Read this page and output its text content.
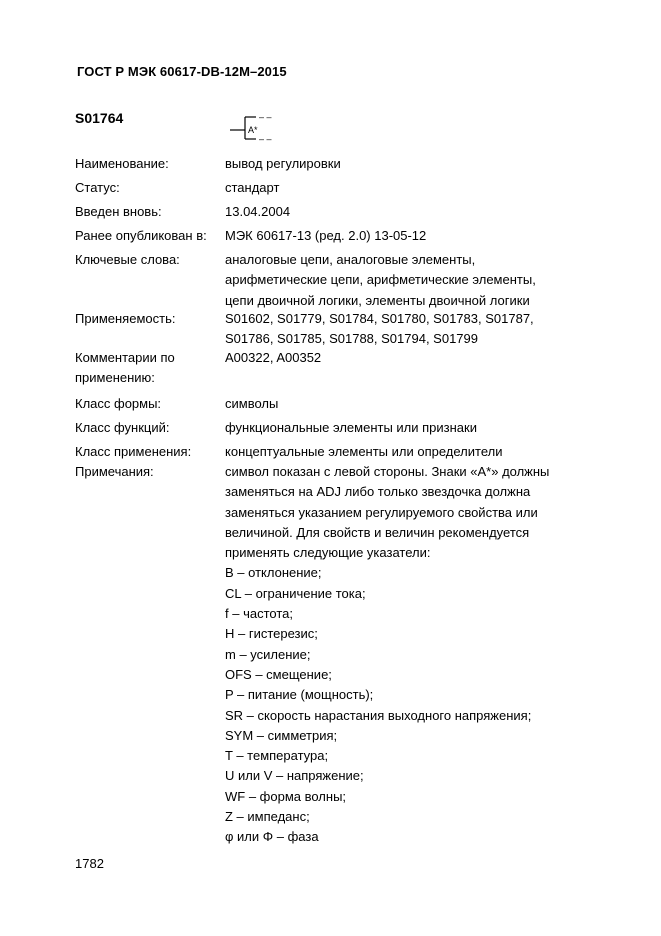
ГОСТ Р МЭК 60617-DB-12M–2015
S01764	– –
– –
A*
Наименование:	вывод регулировки
Статус:	стандарт
Введен вновь:	13.04.2004
Ранее опубликован в:	МЭК 60617-13 (ред. 2.0) 13-05-12
Ключевые слова:	аналоговые цепи, аналоговые элементы,
арифметические цепи, арифметические элементы,
цепи двоичной логики, элементы двоичной логики
Применяемость:	S01602, S01779, S01784, S01780, S01783, S01787,
S01786, S01785, S01788, S01794, S01799
Комментарии по
применению:
A00322, A00352
Класс формы:	символы
Класс функций:	функциональные элементы или признаки
Класс применения:	концептуальные элементы или определители
Примечания:	символ показан с левой стороны. Знаки «A*» должны
заменяться на ADJ либо только звездочка должна
заменяться указанием регулируемого свойства или
величиной. Для свойств и величин рекомендуется
применять следующие указатели:
B – отклонение;
CL – ограничение тока;
f – частота;
H – гистерезис;
m – усиление;
OFS – смещение;
P – питание (мощность);
SR – скорость нарастания выходного напряжения;
SYM – симметрия;
T – температура;
U или V – напряжение;
WF – форма волны;
Z – импеданс;
φ или Φ – фаза
1782
